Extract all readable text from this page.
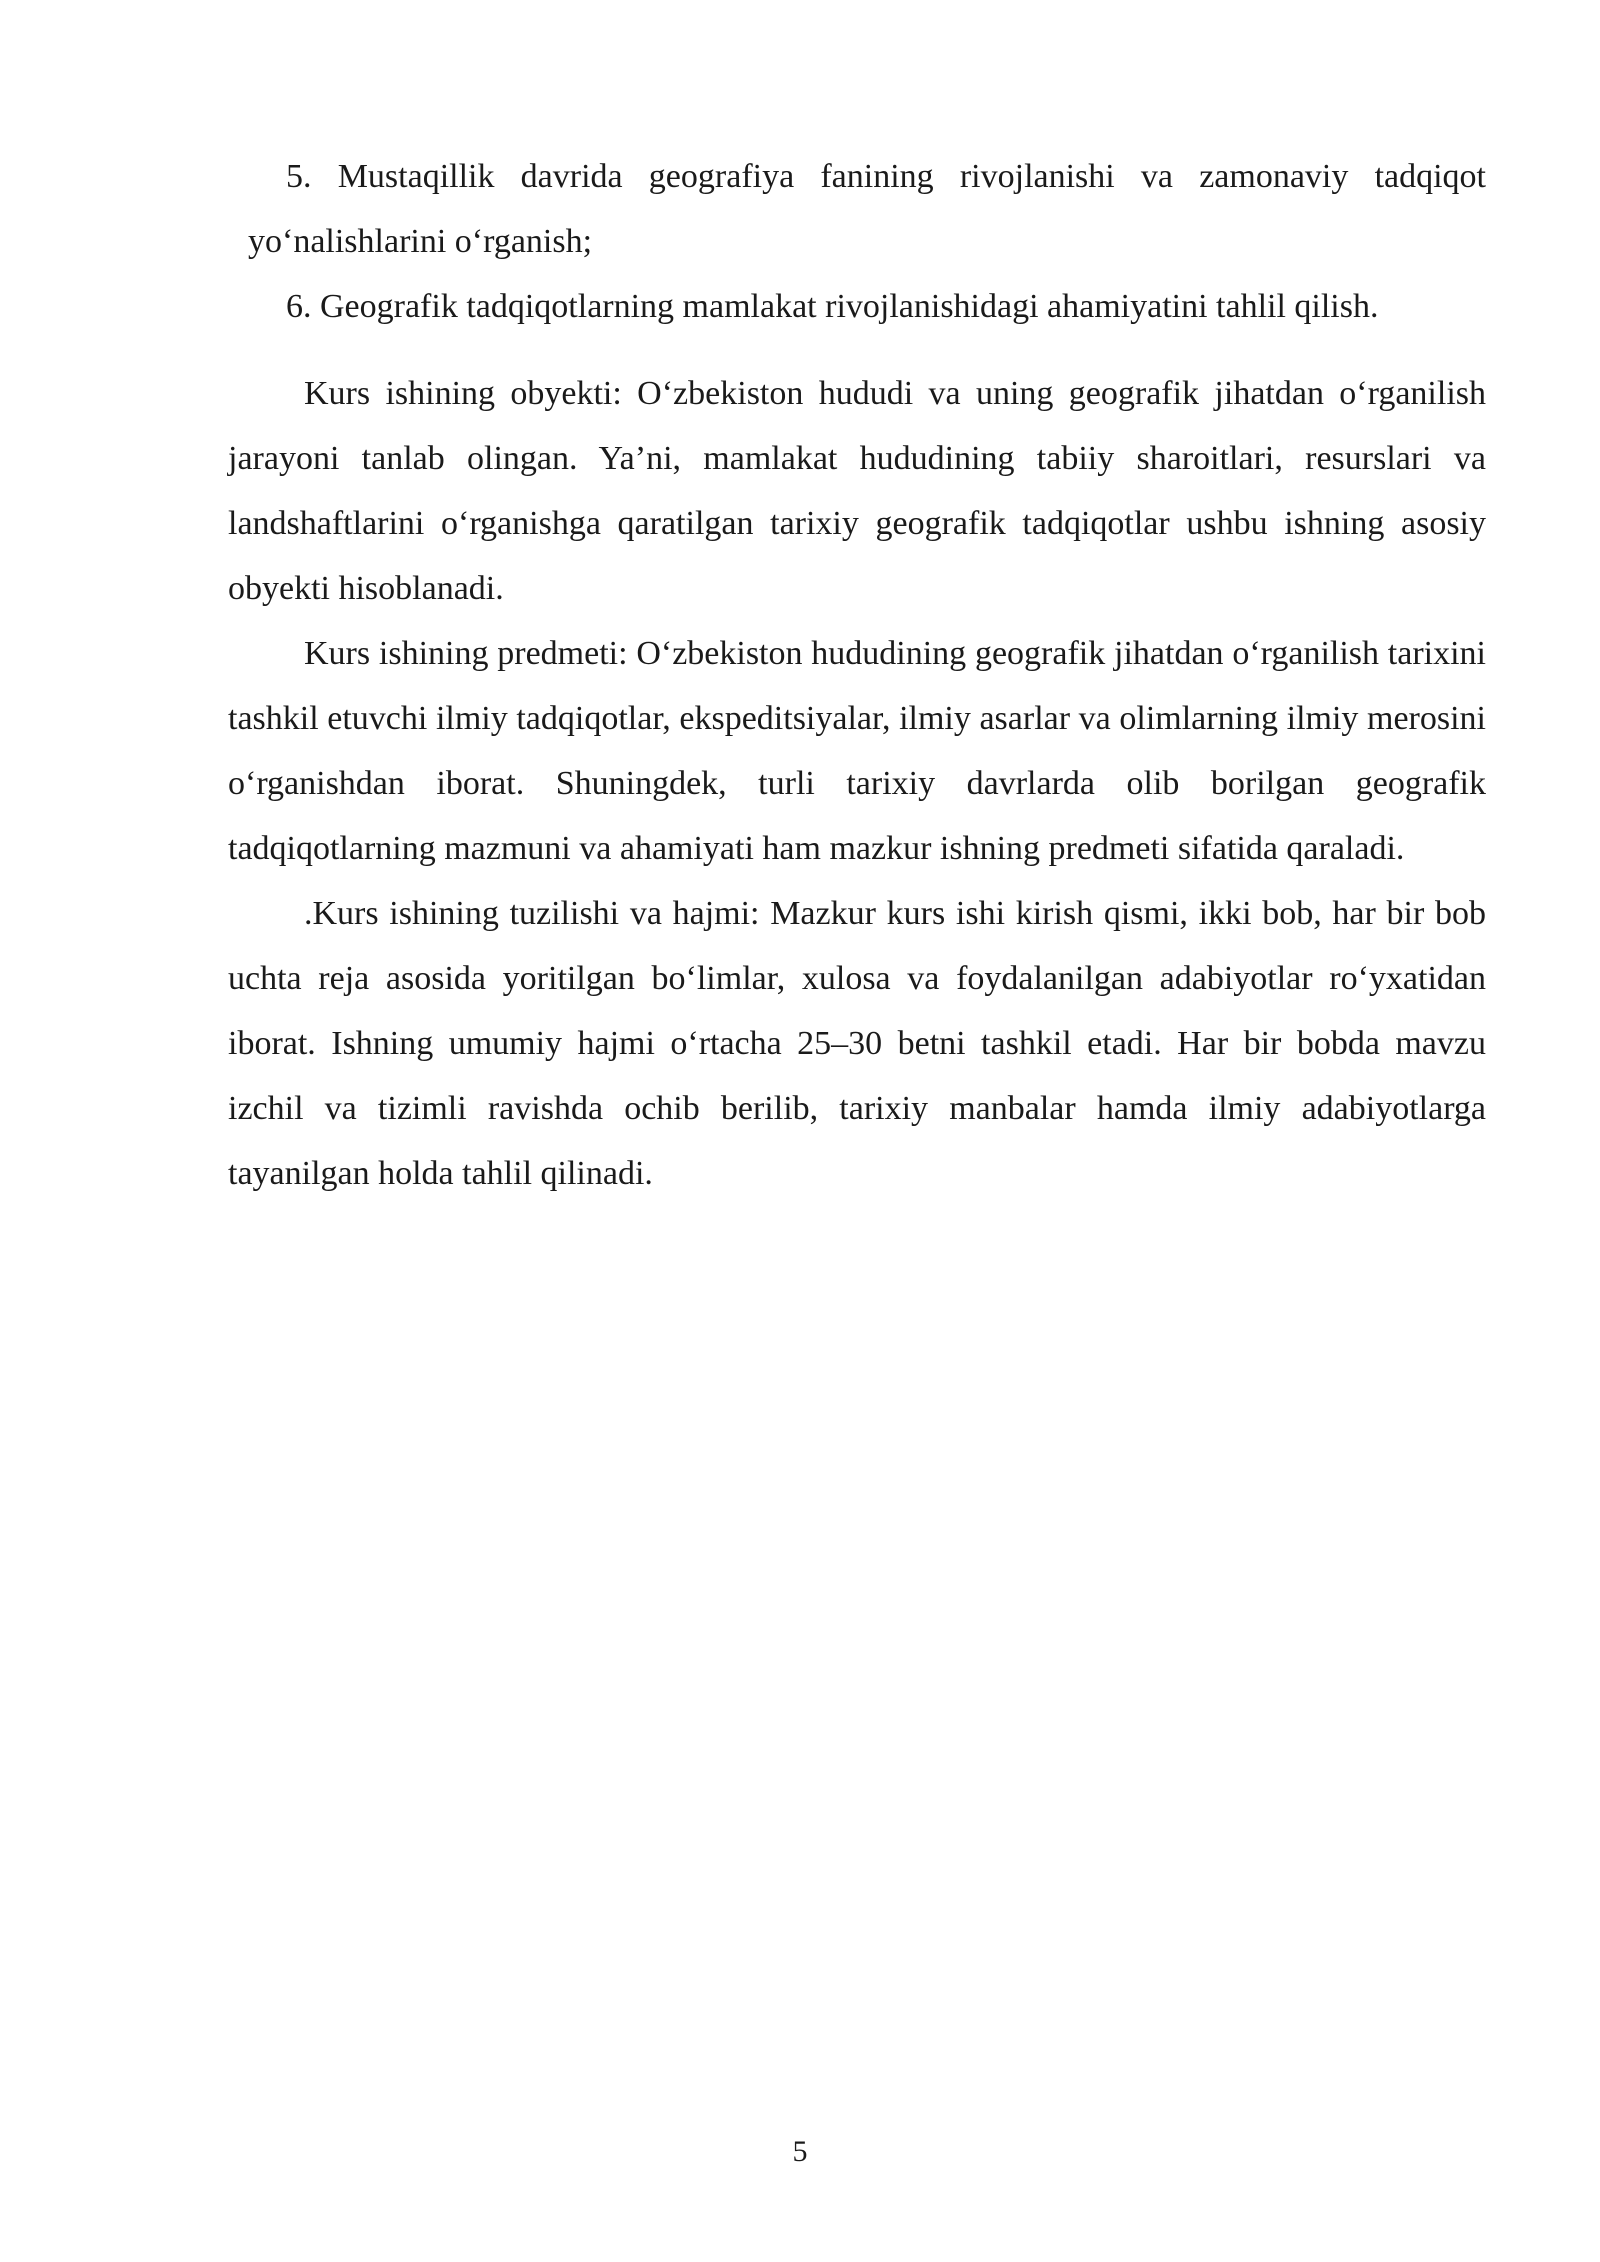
5. Mustaqillik davrida geografiya fanining rivojlanishi va zamonaviy tadqiqot yo‘nalishlarini o‘rganish;

6. Geografik tadqiqotlarning mamlakat rivojlanishidagi ahamiyatini tahlil qilish.

Kurs ishining obyekti: O‘zbekiston hududi va uning geografik jihatdan o‘rganilish jarayoni tanlab olingan. Ya’ni, mamlakat hududining tabiiy sharoitlari, resurslari va landshaftlarini o‘rganishga qaratilgan tarixiy geografik tadqiqotlar ushbu ishning asosiy obyekti hisoblanadi.

Kurs ishining predmeti: O‘zbekiston hududining geografik jihatdan o‘rganilish tarixini tashkil etuvchi ilmiy tadqiqotlar, ekspeditsiyalar, ilmiy asarlar va olimlarning ilmiy merosini o‘rganishdan iborat. Shuningdek, turli tarixiy davrlarda olib borilgan geografik tadqiqotlarning mazmuni va ahamiyati ham mazkur ishning predmeti sifatida qaraladi.

.Kurs ishining tuzilishi va hajmi: Mazkur kurs ishi kirish qismi, ikki bob, har bir bob uchta reja asosida yoritilgan bo‘limlar, xulosa va foydalanilgan adabiyotlar ro‘yxatidan iborat. Ishning umumiy hajmi o‘rtacha 25–30 betni tashkil etadi. Har bir bobda mavzu izchil va tizimli ravishda ochib berilib, tarixiy manbalar hamda ilmiy adabiyotlarga tayanilgan holda tahlil qilinadi.

5
